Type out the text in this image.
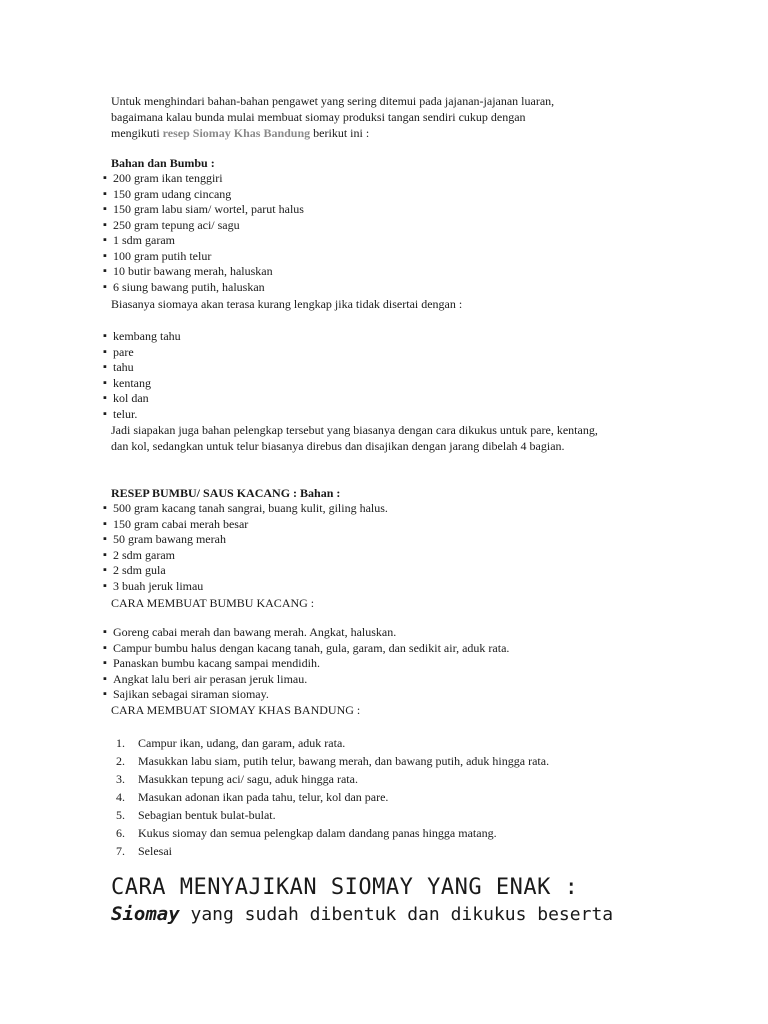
Untuk menghindari bahan-bahan pengawet yang sering ditemui pada jajanan-jajanan luaran,
bagaimana kalau bunda mulai membuat siomay produksi tangan sendiri cukup dengan
mengikuti resep Siomay Khas Bandung berikut ini :
Bahan dan Bumbu :
▪ 200 gram ikan tenggiri
▪ 150 gram udang cincang
▪ 150 gram labu siam/ wortel, parut halus
▪ 250 gram tepung aci/ sagu
▪ 1 sdm garam
▪ 100 gram putih telur
▪ 10 butir bawang merah, haluskan
▪ 6 siung bawang putih, haluskan
Biasanya siomaya akan terasa kurang lengkap jika tidak disertai dengan :
▪ kembang tahu
▪ pare
▪ tahu
▪ kentang
▪ kol dan
▪ telur.
Jadi siapakan juga bahan pelengkap tersebut yang biasanya dengan cara dikukus untuk pare, kentang,
dan kol, sedangkan untuk telur biasanya direbus dan disajikan dengan jarang dibelah 4 bagian.
RESEP BUMBU/ SAUS KACANG : Bahan :
▪ 500 gram kacang tanah sangrai, buang kulit, giling halus.
▪ 150 gram cabai merah besar
▪ 50 gram bawang merah
▪ 2 sdm garam
▪ 2 sdm gula
▪ 3 buah jeruk limau
CARA MEMBUAT BUMBU KACANG :
▪ Goreng cabai merah dan bawang merah. Angkat, haluskan.
▪ Campur bumbu halus dengan kacang tanah, gula, garam, dan sedikit air, aduk rata.
▪ Panaskan bumbu kacang sampai mendidih.
▪ Angkat lalu beri air perasan jeruk limau.
▪ Sajikan sebagai siraman siomay.
CARA MEMBUAT SIOMAY KHAS BANDUNG :
1. Campur ikan, udang, dan garam, aduk rata.
2. Masukkan labu siam, putih telur, bawang merah, dan bawang putih, aduk hingga rata.
3. Masukkan tepung aci/ sagu, aduk hingga rata.
4. Masukan adonan ikan pada tahu, telur, kol dan pare.
5. Sebagian bentuk bulat-bulat.
6. Kukus siomay dan semua pelengkap dalam dandang panas hingga matang.
7. Selesai
CARA MENYAJIKAN SIOMAY YANG ENAK :
Siomay yang sudah dibentuk dan dikukus beserta
